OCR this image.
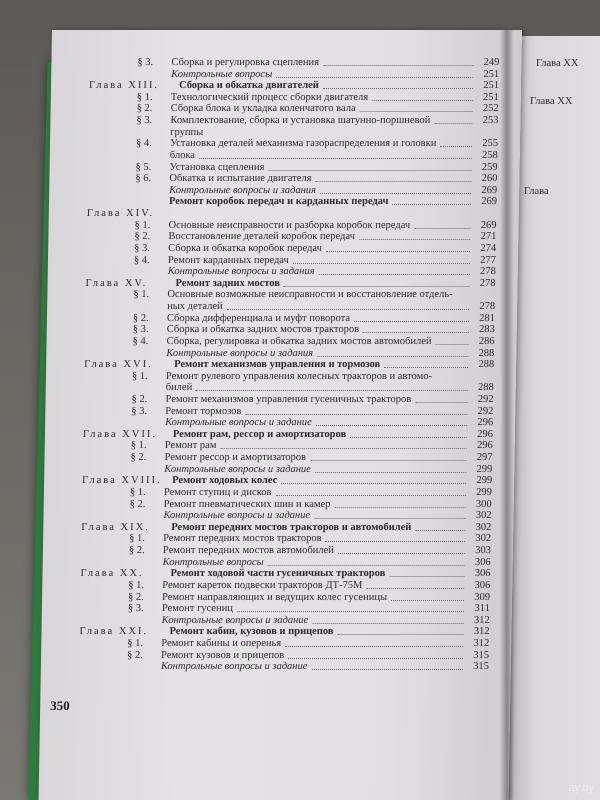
Глава ХХ
Глава ХХ
Глава
§ 3. Сборка и регулировка сцепления	249
Контрольные вопросы	251
Глава XIII. Сборка и обкатка двигателей	251
§ 1. Технологический процесс сборки двигателя	251
§ 2. Сборка блока и укладка коленчатого вала	252
§ 3. Комплектование, сборка и установка шатунно-поршневой	253
группы
§ 4. Установка деталей механизма газораспределения и головки	255
блока	258
§ 5. Установка сцепления	259
§ 6. Обкатка и испытание двигателя	260
Контрольные вопросы и задания	269
Ремонт коробок передач и карданных передач	269
Глава XIV.
§ 1. Основные неисправности и разборка коробок передач	269
§ 2. Восстановление деталей коробок передач	271
§ 3. Сборка и обкатка коробок передач	274
§ 4. Ремонт карданных передач	277
Контрольные вопросы и задания	278
Глава XV.	Ремонт задних мостов	278
§ 1. Основные возможные неисправности и восстановление отдель-
ных деталей	278
§ 2. Сборка дифференциала и муфт поворота	281
§ 3. Сборка и обкатка задних мостов тракторов	283
§ 4. Сборка, регулировка и обкатка задних мостов автомобилей	286
Контрольные вопросы и задания	288
Глава XVI. Ремонт механизмов управления и тормозов	288
§ 1. Ремонт рулевого управления колесных тракторов и автомо-
билей	288
§ 2. Ремонт механизмов управления гусеничных тракторов	292
§ 3. Ремонт тормозов	292
Контрольные вопросы и задание	296
Глава XVII. Ремонт рам, рессор и амортизаторов	296
§ 1. Ремонт рам	296
§ 2. Ремонт рессор и амортизаторов	297
Контрольные вопросы и задание	299
Глава XVIII. Ремонт ходовых колес	299
§ 1. Ремонт ступиц и дисков	299
§ 2. Ремонт пневматических шин и камер	300
Контрольные вопросы и задание	302
Глава XIX. Ремонт передних мостов тракторов и автомобилей	302
§ 1. Ремонт передних мостов тракторов	302
§ 2. Ремонт передних мостов автомобилей	303
Контрольные вопросы	306
Глава XX.	Ремонт ходовой части гусеничных тракторов	306
§ 1. Ремонт кареток подвески тракторов ДТ-75М	306
§ 2. Ремонт направляющих и ведущих колес гусеницы	309
§ 3. Ремонт гусениц	311
Контрольные вопросы и задание	312
Глава XXI. Ремонт кабин, кузовов и прицепов	312
§ 1. Ремонт кабины и оперенья	312
§ 2. Ремонт кузовов и прицепов	315
Контрольные вопросы и задание	315
350
ay.by
